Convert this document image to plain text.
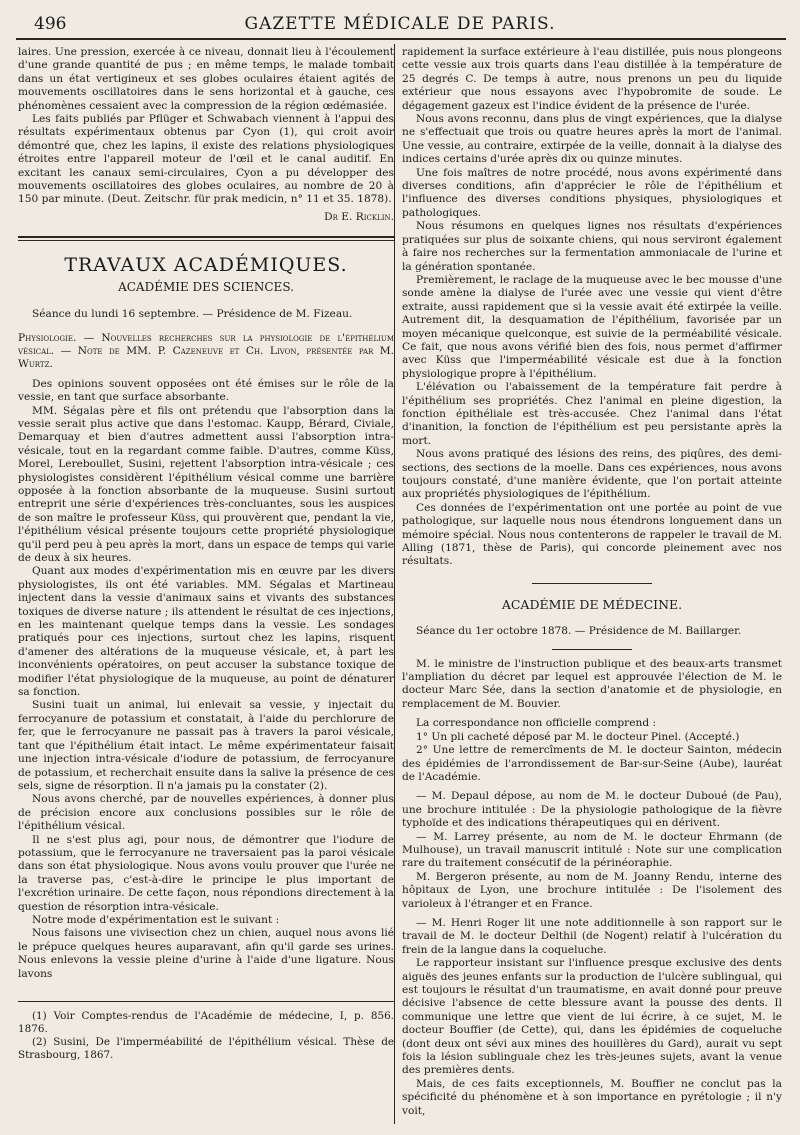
496	GAZETTE MÉDICALE DE PARIS.

laires. Une pression, exercée à ce niveau, donnait lieu à l'écoulement d'une grande quantité de pus ; en même temps, le malade tombait dans un état vertigineux et ses globes oculaires étaient agités de mouvements oscillatoires dans le sens horizontal et à gauche, ces phénomènes cessaient avec la compression de la région œdémasiée.

Les faits publiés par Pflüger et Schwabach viennent à l'appui des résultats expérimentaux obtenus par Cyon (1), qui croit avoir démontré que, chez les lapins, il existe des relations physiologiques étroites entre l'appareil moteur de l'œil et le canal auditif. En excitant les canaux semi-circulaires, Cyon a pu développer des mouvements oscillatoires des globes oculaires, au nombre de 20 à 150 par minute. (Deut. Zeitschr. für prak medicin, n° 11 et 35. 1878).

Dr E. Ricklin.
TRAVAUX ACADÉMIQUES.
ACADÉMIE DES SCIENCES.

Séance du lundi 16 septembre. — Présidence de M. Fizeau.

Physiologie. — Nouvelles recherches sur la physiologie de l'épithélium vésical. — Note de MM. P. Cazeneuve et Ch. Livon, présentée par M. Wurtz.

Des opinions souvent opposées ont été émises sur le rôle de la vessie, en tant que surface absorbante.

MM. Ségalas père et fils ont prétendu que l'absorption dans la vessie serait plus active que dans l'estomac. Kaupp, Bérard, Civiale, Demarquay et bien d'autres admettent aussi l'absorption intra-vésicale, tout en la regardant comme faible. D'autres, comme Küss, Morel, Lereboullet, Susini, rejettent l'absorption intra-vésicale ; ces physiologistes considèrent l'épithélium vésical comme une barrière opposée à la fonction absorbante de la muqueuse. Susini surtout entreprit une série d'expériences très-concluantes, sous les auspices de son maître le professeur Küss, qui prouvèrent que, pendant la vie, l'épithélium vésical présente toujours cette propriété physiologique qu'il perd peu à peu après la mort, dans un espace de temps qui varie de deux à six heures.

Quant aux modes d'expérimentation mis en œuvre par les divers physiologistes, ils ont été variables. MM. Ségalas et Martineau injectent dans la vessie d'animaux sains et vivants des substances toxiques de diverse nature ; ils attendent le résultat de ces injections, en les maintenant quelque temps dans la vessie. Les sondages pratiqués pour ces injections, surtout chez les lapins, risquent d'amener des altérations de la muqueuse vésicale, et, à part les inconvénients opératoires, on peut accuser la substance toxique de modifier l'état physiologique de la muqueuse, au point de dénaturer sa fonction.

Susini tuait un animal, lui enlevait sa vessie, y injectait du ferrocyanure de potassium et constatait, à l'aide du perchlorure de fer, que le ferrocyanure ne passait pas à travers la paroi vésicale, tant que l'épithélium était intact. Le même expérimentateur faisait une injection intra-vésicale d'iodure de potassium, de ferrocyanure de potassium, et recherchait ensuite dans la salive la présence de ces sels, signe de résorption. Il n'a jamais pu la constater (2).

Nous avons cherché, par de nouvelles expériences, à donner plus de précision encore aux conclusions possibles sur le rôle de l'épithélium vésical.

Il ne s'est plus agi, pour nous, de démontrer que l'iodure de potassium, que le ferrocyanure ne traversaient pas la paroi vésicale dans son état physiologique. Nous avons voulu prouver que l'urée ne la traverse pas, c'est-à-dire le principe le plus important de l'excrétion urinaire. De cette façon, nous répondions directement à la question de résorption intra-vésicale.

Notre mode d'expérimentation est le suivant :

Nous faisons une vivisection chez un chien, auquel nous avons lié le prépuce quelques heures auparavant, afin qu'il garde ses urines. Nous enlevons la vessie pleine d'urine à l'aide d'une ligature. Nous lavons

(1) Voir Comptes-rendus de l'Académie de médecine, I, p. 856. 1876.

(2) Susini, De l'imperméabilité de l'épithélium vésical. Thèse de Strasbourg, 1867.

rapidement la surface extérieure à l'eau distillée, puis nous plongeons cette vessie aux trois quarts dans l'eau distillée à la température de 25 degrés C. De temps à autre, nous prenons un peu du liquide extérieur que nous essayons avec l'hypobromite de soude. Le dégagement gazeux est l'indice évident de la présence de l'urée.

Nous avons reconnu, dans plus de vingt expériences, que la dialyse ne s'effectuait que trois ou quatre heures après la mort de l'animal. Une vessie, au contraire, extirpée de la veille, donnait à la dialyse des indices certains d'urée après dix ou quinze minutes.

Une fois maîtres de notre procédé, nous avons expérimenté dans diverses conditions, afin d'apprécier le rôle de l'épithélium et l'influence des diverses conditions physiques, physiologiques et pathologiques.

Nous résumons en quelques lignes nos résultats d'expériences pratiquées sur plus de soixante chiens, qui nous serviront également à faire nos recherches sur la fermentation ammoniacale de l'urine et la génération spontanée.

Premièrement, le raclage de la muqueuse avec le bec mousse d'une sonde amène la dialyse de l'urée avec une vessie qui vient d'être extraite, aussi rapidement que si la vessie avait été extirpée la veille. Autrement dit, la desquamation de l'épithélium, favorisée par un moyen mécanique quelconque, est suivie de la perméabilité vésicale. Ce fait, que nous avons vérifié bien des fois, nous permet d'affirmer avec Küss que l'imperméabilité vésicale est due à la fonction physiologique propre à l'épithélium.

L'élévation ou l'abaissement de la température fait perdre à l'épithélium ses propriétés. Chez l'animal en pleine digestion, la fonction épithéliale est très-accusée. Chez l'animal dans l'état d'inanition, la fonction de l'épithélium est peu persistante après la mort.

Nous avons pratiqué des lésions des reins, des piqûres, des demi-sections, des sections de la moelle. Dans ces expériences, nous avons toujours constaté, d'une manière évidente, que l'on portait atteinte aux propriétés physiologiques de l'épithélium.

Ces données de l'expérimentation ont une portée au point de vue pathologique, sur laquelle nous nous étendrons longuement dans un mémoire spécial. Nous nous contenterons de rappeler le travail de M. Alling (1871, thèse de Paris), qui concorde pleinement avec nos résultats.

ACADÉMIE DE MÉDECINE.

Séance du 1er octobre 1878. — Présidence de M. Baillarger.

M. le ministre de l'instruction publique et des beaux-arts transmet l'ampliation du décret par lequel est approuvée l'élection de M. le docteur Marc Sée, dans la section d'anatomie et de physiologie, en remplacement de M. Bouvier.

La correspondance non officielle comprend :

1° Un pli cacheté déposé par M. le docteur Pinel. (Accepté.)

2° Une lettre de remercîments de M. le docteur Sainton, médecin des épidémies de l'arrondissement de Bar-sur-Seine (Aube), lauréat de l'Académie.

— M. Depaul dépose, au nom de M. le docteur Duboué (de Pau), une brochure intitulée : De la physiologie pathologique de la fièvre typhoïde et des indications thérapeutiques qui en dérivent.

— M. Larrey présente, au nom de M. le docteur Ehrmann (de Mulhouse), un travail manuscrit intitulé : Note sur une complication rare du traitement consécutif de la périnéoraphie.

M. Bergeron présente, au nom de M. Joanny Rendu, interne des hôpitaux de Lyon, une brochure intitulée : De l'isolement des varioleux à l'étranger et en France.

— M. Henri Roger lit une note additionnelle à son rapport sur le travail de M. le docteur Delthil (de Nogent) relatif à l'ulcération du frein de la langue dans la coqueluche.

Le rapporteur insistant sur l'influence presque exclusive des dents aiguës des jeunes enfants sur la production de l'ulcère sublingual, qui est toujours le résultat d'un traumatisme, en avait donné pour preuve décisive l'absence de cette blessure avant la pousse des dents. Il communique une lettre que vient de lui écrire, à ce sujet, M. le docteur Bouffier (de Cette), qui, dans les épidémies de coqueluche (dont deux ont sévi aux mines des houillères du Gard), aurait vu sept fois la lésion sublinguale chez les très-jeunes sujets, avant la venue des premières dents.

Mais, de ces faits exceptionnels, M. Bouffier ne conclut pas la spécificité du phénomène et à son importance en pyrétologie ; il n'y voit,
